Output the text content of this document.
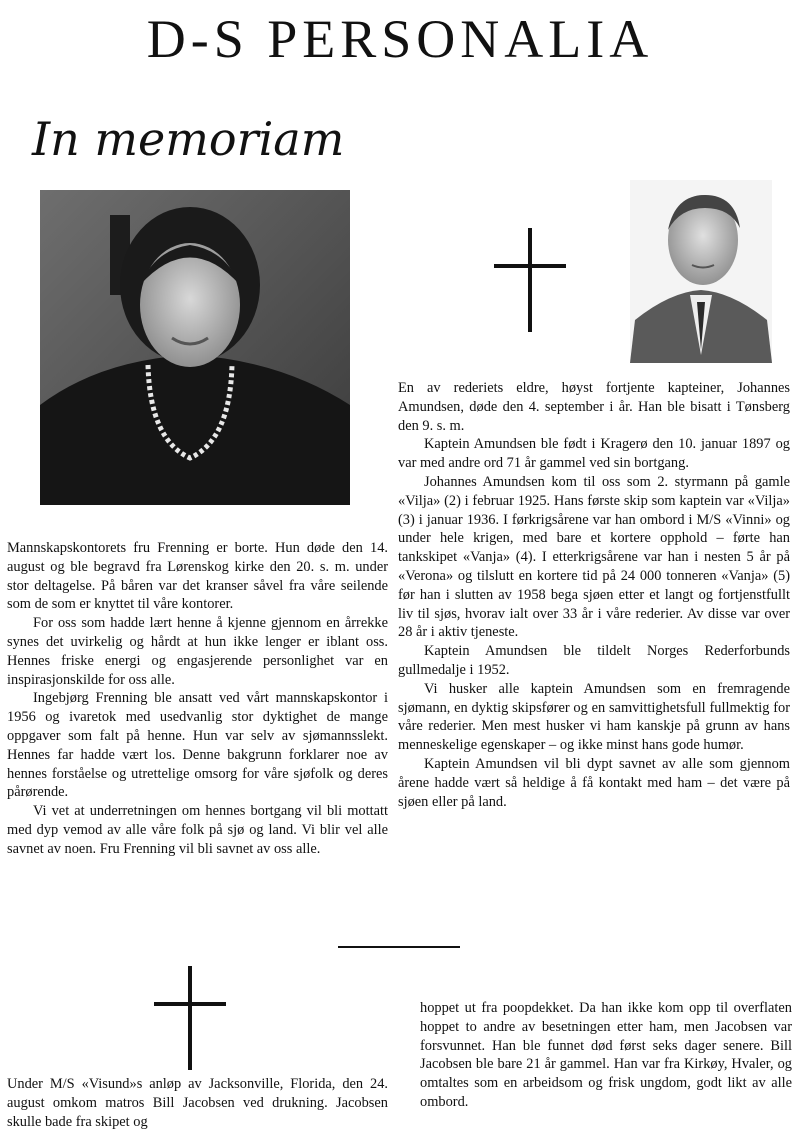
D-S PERSONALIA
In memoriam

Mannskapskontorets fru Frenning er borte. Hun døde den 14. august og ble begravd fra Lørenskog kirke den 20. s. m. under stor deltagelse. På båren var det kranser såvel fra våre seilende som de som er knyttet til våre kontorer.

For oss som hadde lært henne å kjenne gjennom en årrekke synes det uvirkelig og hårdt at hun ikke lenger er iblant oss. Hennes friske energi og engasjerende personlighet var en inspirasjonskilde for oss alle.

Ingebjørg Frenning ble ansatt ved vårt mannskapskontor i 1956 og ivaretok med usedvanlig stor dyktighet de mange oppgaver som falt på henne. Hun var selv av sjømannsslekt. Hennes far hadde vært los. Denne bakgrunn forklarer noe av hennes forståelse og utrettelige omsorg for våre sjøfolk og deres pårørende.

Vi vet at underretningen om hennes bortgang vil bli mottatt med dyp vemod av alle våre folk på sjø og land. Vi blir vel alle savnet av noen. Fru Frenning vil bli savnet av oss alle.

En av rederiets eldre, høyst fortjente kapteiner, Johannes Amundsen, døde den 4. september i år. Han ble bisatt i Tønsberg den 9. s. m.

Kaptein Amundsen ble født i Kragerø den 10. januar 1897 og var med andre ord 71 år gammel ved sin bortgang.

Johannes Amundsen kom til oss som 2. styrmann på gamle «Vilja» (2) i februar 1925. Hans første skip som kaptein var «Vilja» (3) i januar 1936. I førkrigsårene var han ombord i M/S «Vinni» og under hele krigen, med bare et kortere opphold – førte han tankskipet «Vanja» (4). I etterkrigsårene var han i nesten 5 år på «Verona» og tilslutt en kortere tid på 24 000 tonneren «Vanja» (5) før han i slutten av 1958 bega sjøen etter et langt og fortjenstfullt liv til sjøs, hvorav ialt over 33 år i våre rederier. Av disse var over 28 år i aktiv tjeneste.

Kaptein Amundsen ble tildelt Norges Rederforbunds gullmedalje i 1952.

Vi husker alle kaptein Amundsen som en fremragende sjømann, en dyktig skipsfører og en samvittighetsfull fullmektig for våre rederier. Men mest husker vi ham kanskje på grunn av hans menneskelige egenskaper – og ikke minst hans gode humør.

Kaptein Amundsen vil bli dypt savnet av alle som gjennom årene hadde vært så heldige å få kontakt med ham – det være på sjøen eller på land.

Under M/S «Visund»s anløp av Jacksonville, Florida, den 24. august omkom matros Bill Jacobsen ved drukning. Jacobsen skulle bade fra skipet og

hoppet ut fra poopdekket. Da han ikke kom opp til overflaten hoppet to andre av besetningen etter ham, men Jacobsen var forsvunnet. Han ble funnet død først seks dager senere. Bill Jacobsen ble bare 21 år gammel. Han var fra Kirkøy, Hvaler, og omtaltes som en arbeidsom og frisk ungdom, godt likt av alle ombord.
